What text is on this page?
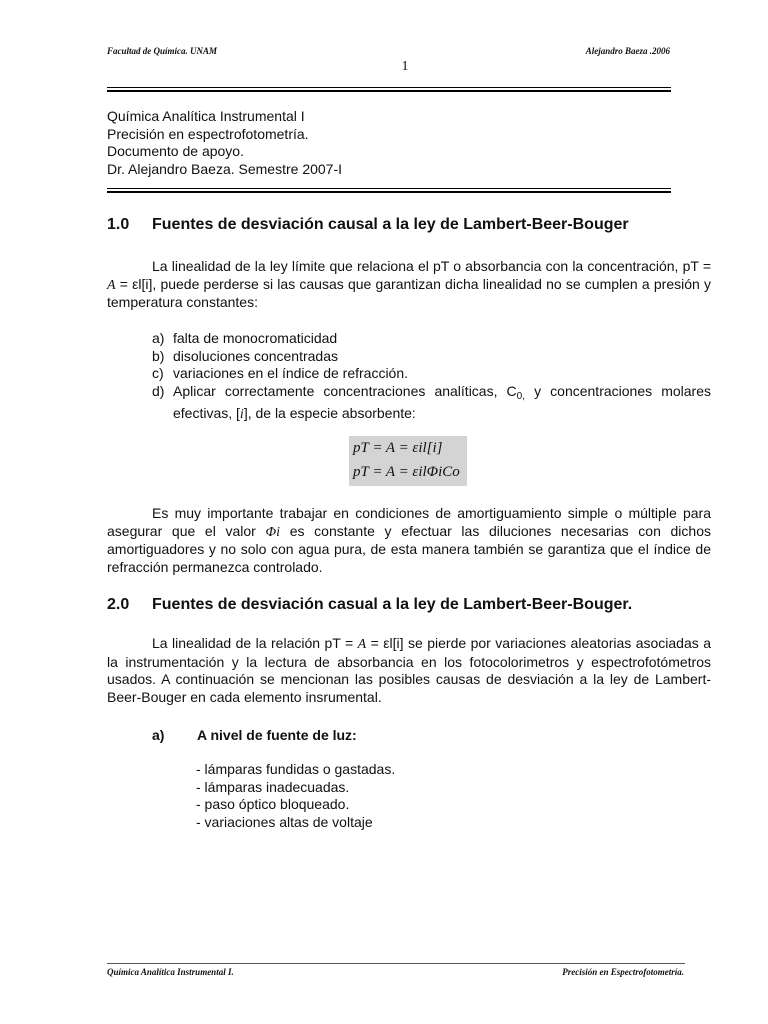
Facultad de Química. UNAM	Alejandro Baeza .2006
1
Química Analítica Instrumental I
Precisión en espectrofotometría.
Documento de apoyo.
Dr. Alejandro Baeza. Semestre 2007-I
1.0 Fuentes de desviación causal a la ley de Lambert-Beer-Bouger

La linealidad de la ley límite que relaciona el pT o absorbancia con la concentración, pT = A = εl[i], puede perderse si las causas que garantizan dicha linealidad no se cumplen a presión y temperatura constantes:

a) falta de monocromaticidad
b) disoluciones concentradas
c) variaciones en el índice de refracción.
d) Aplicar correctamente concentraciones analíticas, $C_{0,}$ y concentraciones molares efectivas, [i], de la especie absorbente:
pT = A = εil[i]
pT = A = εilΦiCo

Es muy importante trabajar en condiciones de amortiguamiento simple o múltiple para asegurar que el valor Φi es constante y efectuar las diluciones necesarias con dichos amortiguadores y no solo con agua pura, de esta manera también se garantiza que el índice de refracción permanezca controlado.

2.0 Fuentes de desviación casual a la ley de Lambert-Beer-Bouger.

La linealidad de la relación pT = A = εl[i] se pierde por variaciones aleatorias asociadas a la instrumentación y la lectura de absorbancia en los fotocolorimetros y espectrofotómetros usados. A continuación se mencionan las posibles causas de desviación a la ley de Lambert-Beer-Bouger en cada elemento insrumental.

a) A nivel de fuente de luz:
- lámparas fundidas o gastadas.
- lámparas inadecuadas.
- paso óptico bloqueado.
- variaciones altas de voltaje
Química Analítica Instrumental I.	Precisión en Espectrofotometría.
